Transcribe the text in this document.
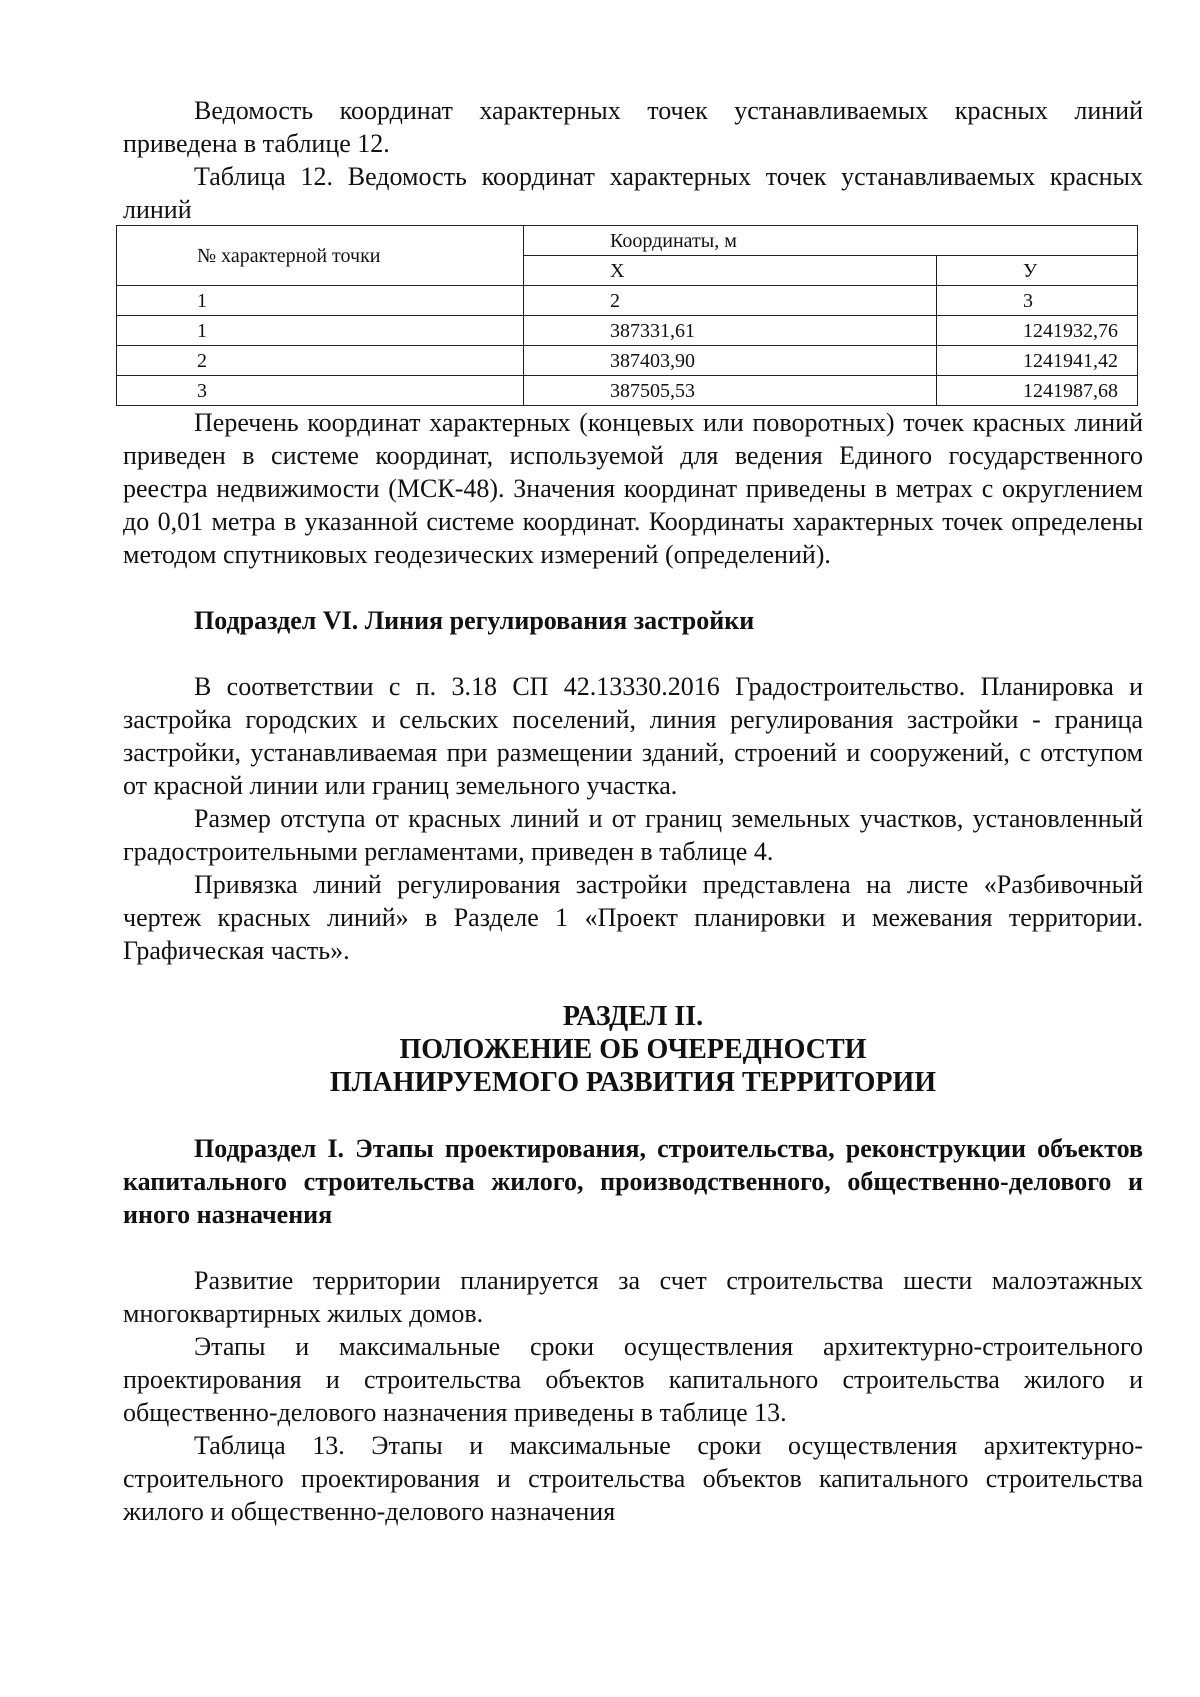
Ведомость координат характерных точек устанавливаемых красных линий приведена в таблице 12.

Таблица 12. Ведомость координат характерных точек устанавливаемых красных линий

№ характерной точки	Координаты, м	
	Х	У
1	2	3
1	387331,61	1241932,76
2	387403,90	1241941,42
3	387505,53	1241987,68

Перечень координат характерных (концевых или поворотных) точек красных линий приведен в системе координат, используемой для ведения Единого государственного реестра недвижимости (МСК-48). Значения координат приведены в метрах с округлением до 0,01 метра в указанной системе координат. Координаты характерных точек определены методом спутниковых геодезических измерений (определений).

Подраздел VI. Линия регулирования застройки

В соответствии с п. 3.18 СП 42.13330.2016 Градостроительство. Планировка и застройка городских и сельских поселений, линия регулирования застройки - граница застройки, устанавливаемая при размещении зданий, строений и сооружений, с отступом от красной линии или границ земельного участка.

Размер отступа от красных линий и от границ земельных участков, установленный градостроительными регламентами, приведен в таблице 4.

Привязка линий регулирования застройки представлена на листе «Разбивочный чертеж красных линий» в Разделе 1 «Проект планировки и межевания территории. Графическая часть».

РАЗДЕЛ II.
ПОЛОЖЕНИЕ ОБ ОЧЕРЕДНОСТИ
ПЛАНИРУЕМОГО РАЗВИТИЯ ТЕРРИТОРИИ

Подраздел I. Этапы проектирования, строительства, реконструкции объектов капитального строительства жилого, производственного, общественно-делового и иного назначения

Развитие территории планируется за счет строительства шести малоэтажных многоквартирных жилых домов.

Этапы и максимальные сроки осуществления архитектурно-строительного проектирования и строительства объектов капитального строительства жилого и общественно-делового назначения приведены в таблице 13.

Таблица 13. Этапы и максимальные сроки осуществления архитектурно-строительного проектирования и строительства объектов капитального строительства жилого и общественно-делового назначения
